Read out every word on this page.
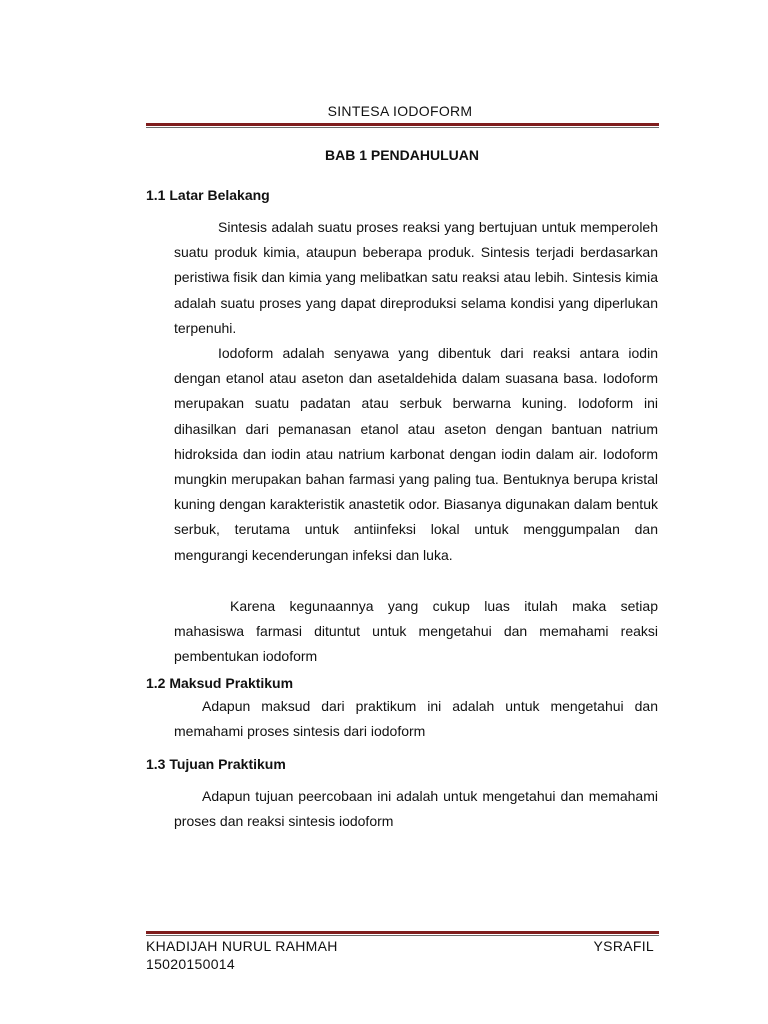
SINTESA IODOFORM
BAB 1 PENDAHULUAN
1.1 Latar Belakang

Sintesis adalah suatu proses reaksi yang bertujuan untuk memperoleh suatu produk kimia, ataupun beberapa produk. Sintesis terjadi berdasarkan peristiwa fisik dan kimia yang melibatkan satu reaksi atau lebih. Sintesis kimia adalah suatu proses yang dapat direproduksi selama kondisi yang diperlukan terpenuhi.

Iodoform adalah senyawa yang dibentuk dari reaksi antara iodin dengan etanol atau aseton dan asetaldehida dalam suasana basa. Iodoform merupakan suatu padatan atau serbuk berwarna kuning. Iodoform ini dihasilkan dari pemanasan etanol atau aseton dengan bantuan natrium hidroksida dan iodin atau natrium karbonat dengan iodin dalam air. Iodoform mungkin merupakan bahan farmasi yang paling tua. Bentuknya berupa kristal kuning dengan karakteristik anastetik odor. Biasanya digunakan dalam bentuk serbuk, terutama untuk antiinfeksi lokal untuk menggumpalan dan mengurangi kecenderungan infeksi dan luka.

Karena kegunaannya yang cukup luas itulah maka setiap mahasiswa farmasi dituntut untuk mengetahui dan memahami reaksi pembentukan iodoform

1.2 Maksud Praktikum

Adapun maksud dari praktikum ini adalah untuk mengetahui dan memahami proses sintesis dari iodoform

1.3 Tujuan Praktikum

Adapun tujuan peercobaan ini adalah untuk mengetahui dan memahami proses dan reaksi sintesis iodoform

KHADIJAH NURUL RAHMAH
15020150014
YSRAFIL
